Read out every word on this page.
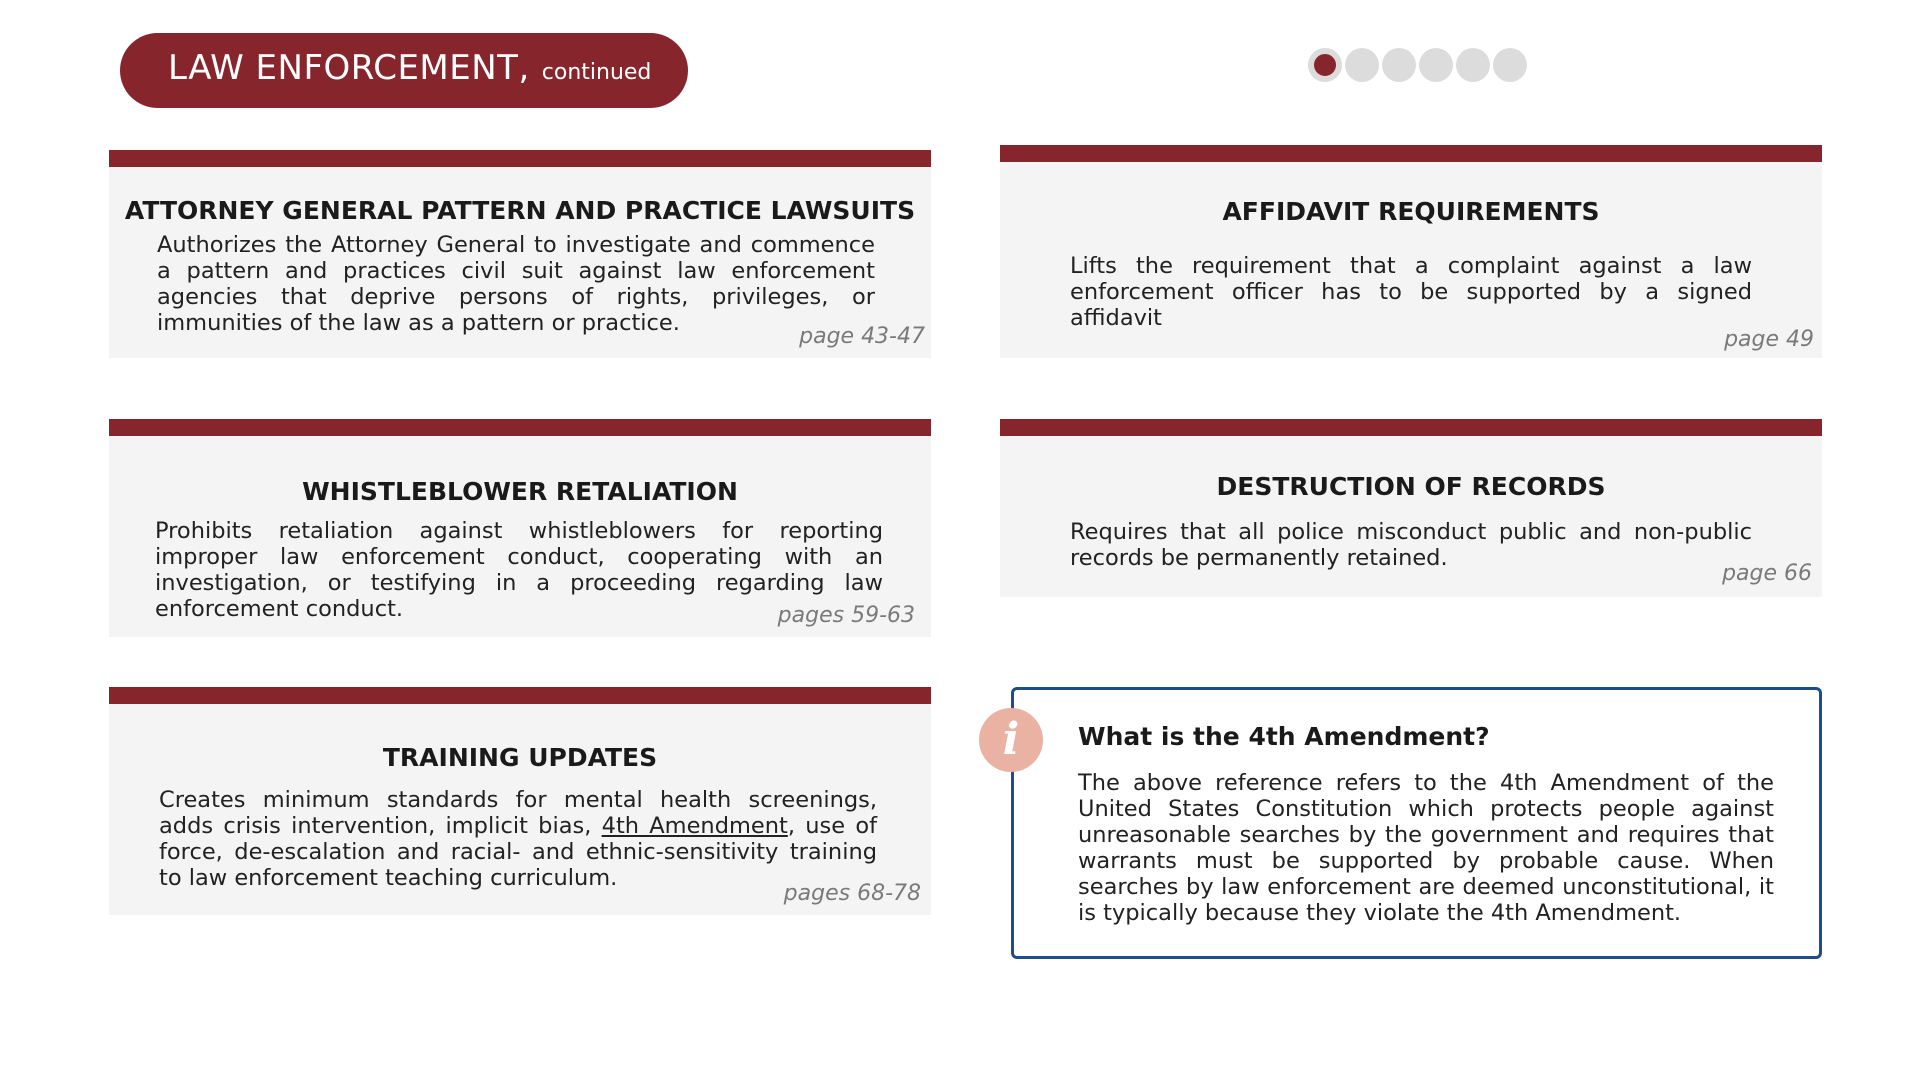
LAW ENFORCEMENT, continued
ATTORNEY GENERAL PATTERN AND PRACTICE LAWSUITS
Authorizes the Attorney General to investigate and commence a pattern and practices civil suit against law enforcement agencies that deprive persons of rights, privileges, or immunities of the law as a pattern or practice.
page 43-47
AFFIDAVIT REQUIREMENTS
Lifts the requirement that a complaint against a law enforcement officer has to be supported by a signed affidavit
page 49
WHISTLEBLOWER RETALIATION
Prohibits retaliation against whistleblowers for reporting improper law enforcement conduct, cooperating with an investigation, or testifying in a proceeding regarding law enforcement conduct.	pages 59-63
DESTRUCTION OF RECORDS
Requires that all police misconduct public and non-public records be permanently retained.
page 66
TRAINING UPDATES
Creates minimum standards for mental health screenings, adds crisis intervention, implicit bias, 4th Amendment, use of force, de-escalation and racial- and ethnic-sensitivity training to law enforcement teaching curriculum.
pages 68-78
What is the 4th Amendment?
The above reference refers to the 4th Amendment of the United States Constitution which protects people against unreasonable searches by the government and requires that warrants must be supported by probable cause. When searches by law enforcement are deemed unconstitutional, it is typically because they violate the 4th Amendment.
i
